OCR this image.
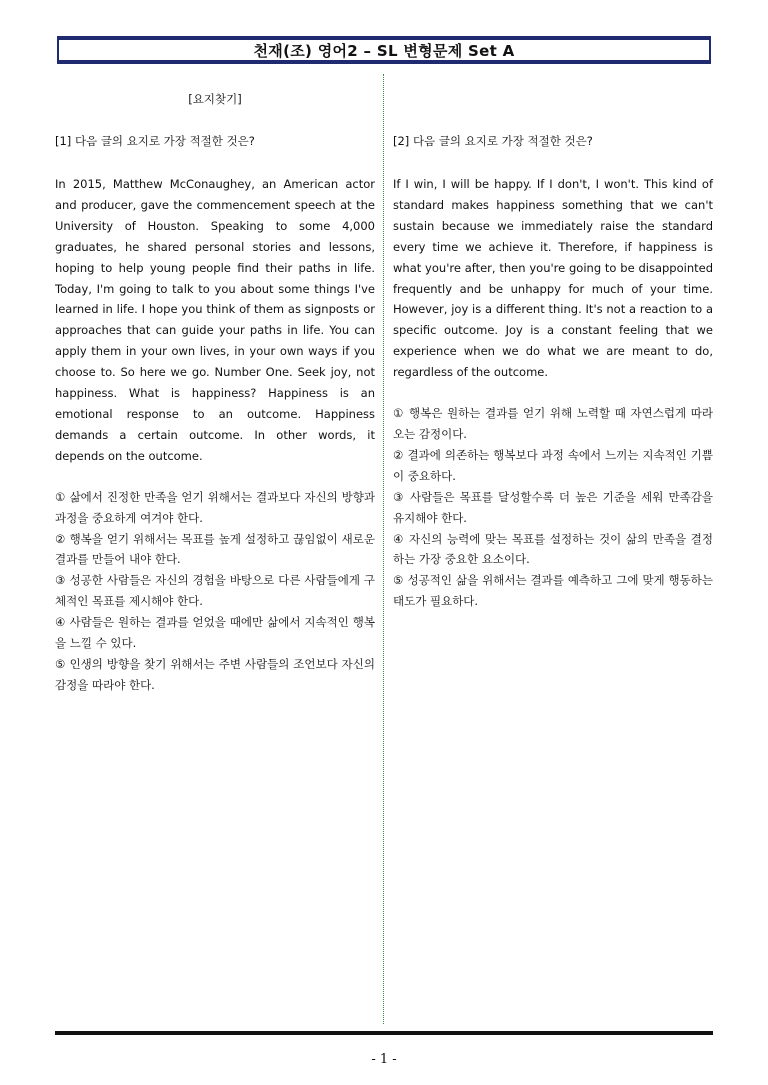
천재(조) 영어2 – SL 변형문제 Set A
[요지찾기]
[1] 다음 글의 요지로 가장 적절한 것은?	[2] 다음 글의 요지로 가장 적절한 것은?

In 2015, Matthew McConaughey, an American actor and producer, gave the commencement speech at the University of Houston. Speaking to some 4,000 graduates, he shared personal stories and lessons, hoping to help young people find their paths in life. Today, I'm going to talk to you about some things I've learned in life. I hope you think of them as signposts or approaches that can guide your paths in life. You can apply them in your own lives, in your own ways if you choose to. So here we go. Number One. Seek joy, not happiness. What is happiness? Happiness is an emotional response to an outcome. Happiness demands a certain outcome. In other words, it depends on the outcome.

① 삶에서 진정한 만족을 얻기 위해서는 결과보다 자신의 방향과 과정을 중요하게 여겨야 한다.

② 행복을 얻기 위해서는 목표를 높게 설정하고 끊임없이 새로운 결과를 만들어 내야 한다.

③ 성공한 사람들은 자신의 경험을 바탕으로 다른 사람들에게 구체적인 목표를 제시해야 한다.

④ 사람들은 원하는 결과를 얻었을 때에만 삶에서 지속적인 행복을 느낄 수 있다.

⑤ 인생의 방향을 찾기 위해서는 주변 사람들의 조언보다 자신의 감정을 따라야 한다.

If I win, I will be happy. If I don't, I won't. This kind of standard makes happiness something that we can't sustain because we immediately raise the standard every time we achieve it. Therefore, if happiness is what you're after, then you're going to be disappointed frequently and be unhappy for much of your time. However, joy is a different thing. It's not a reaction to a specific outcome. Joy is a constant feeling that we experience when we do what we are meant to do, regardless of the outcome.

① 행복은 원하는 결과를 얻기 위해 노력할 때 자연스럽게 따라오는 감정이다.

② 결과에 의존하는 행복보다 과정 속에서 느끼는 지속적인 기쁨이 중요하다.

③ 사람들은 목표를 달성할수록 더 높은 기준을 세워 만족감을 유지해야 한다.

④ 자신의 능력에 맞는 목표를 설정하는 것이 삶의 만족을 결정하는 가장 중요한 요소이다.

⑤ 성공적인 삶을 위해서는 결과를 예측하고 그에 맞게 행동하는 태도가 필요하다.

- 1 -
